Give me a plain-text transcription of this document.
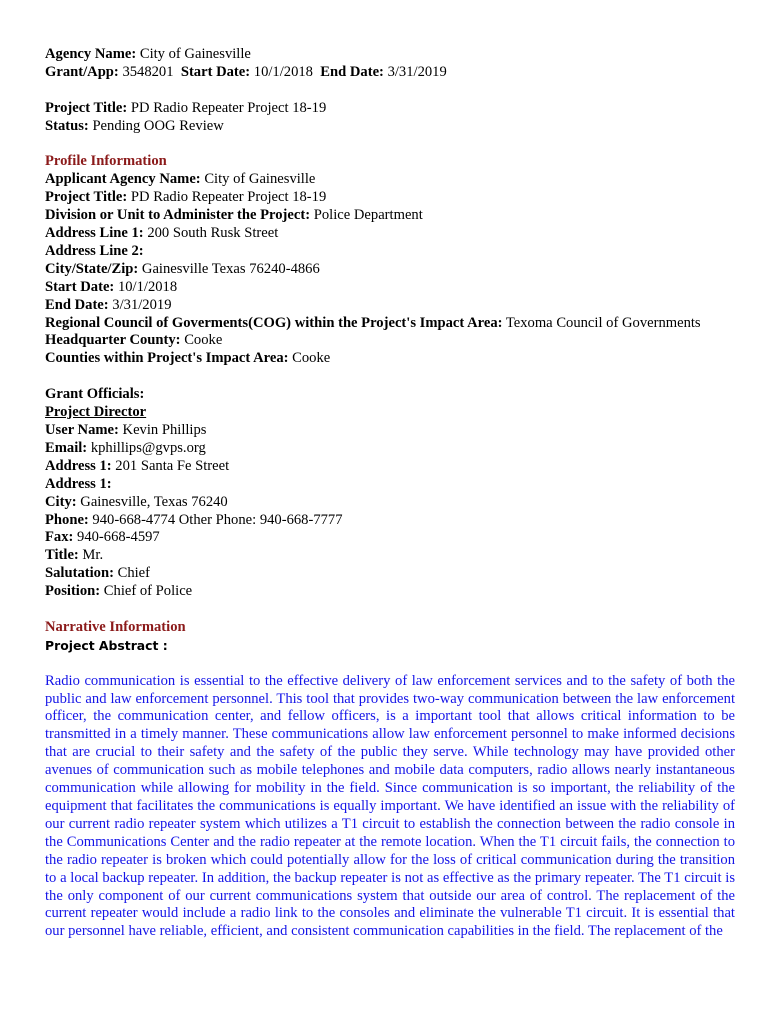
Agency Name: City of Gainesville
Grant/App: 3548201 Start Date: 10/1/2018 End Date: 3/31/2019
Project Title: PD Radio Repeater Project 18-19
Status: Pending OOG Review
Profile Information
Applicant Agency Name: City of Gainesville
Project Title: PD Radio Repeater Project 18-19
Division or Unit to Administer the Project: Police Department
Address Line 1: 200 South Rusk Street
Address Line 2:
City/State/Zip: Gainesville Texas 76240-4866
Start Date: 10/1/2018
End Date: 3/31/2019
Regional Council of Goverments(COG) within the Project's Impact Area: Texoma Council of Governments
Headquarter County: Cooke
Counties within Project's Impact Area: Cooke
Grant Officials:
Project Director
User Name: Kevin Phillips
Email: kphillips@gvps.org
Address 1: 201 Santa Fe Street
Address 1:
City: Gainesville, Texas 76240
Phone: 940-668-4774 Other Phone: 940-668-7777
Fax: 940-668-4597
Title: Mr.
Salutation: Chief
Position: Chief of Police
Narrative Information
Project Abstract :
Radio communication is essential to the effective delivery of law enforcement services and to the safety of both the public and law enforcement personnel. This tool that provides two-way communication between the law enforcement officer, the communication center, and fellow officers, is a important tool that allows critical information to be transmitted in a timely manner. These communications allow law enforcement personnel to make informed decisions that are crucial to their safety and the safety of the public they serve. While technology may have provided other avenues of communication such as mobile telephones and mobile data computers, radio allows nearly instantaneous communication while allowing for mobility in the field. Since communication is so important, the reliability of the equipment that facilitates the communications is equally important. We have identified an issue with the reliability of our current radio repeater system which utilizes a T1 circuit to establish the connection between the radio console in the Communications Center and the radio repeater at the remote location. When the T1 circuit fails, the connection to the radio repeater is broken which could potentially allow for the loss of critical communication during the transition to a local backup repeater. In addition, the backup repeater is not as effective as the primary repeater. The T1 circuit is the only component of our current communications system that outside our area of control. The replacement of the current repeater would include a radio link to the consoles and eliminate the vulnerable T1 circuit. It is essential that our personnel have reliable, efficient, and consistent communication capabilities in the field. The replacement of the
